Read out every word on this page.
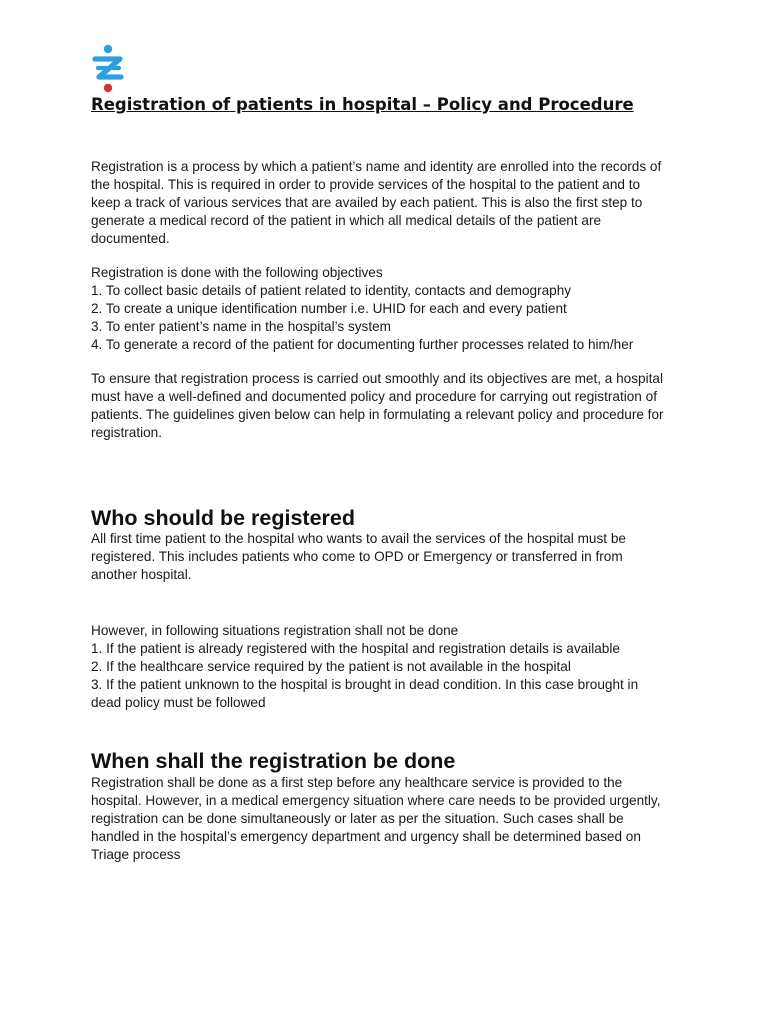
Registration of patients in hospital – Policy and Procedure

Registration is a process by which a patient’s name and identity are enrolled into the records of
the hospital. This is required in order to provide services of the hospital to the patient and to
keep a track of various services that are availed by each patient. This is also the first step to
generate a medical record of the patient in which all medical details of the patient are
documented.

Registration is done with the following objectives
1. To collect basic details of patient related to identity, contacts and demography
2. To create a unique identification number i.e. UHID for each and every patient
3. To enter patient’s name in the hospital’s system
4. To generate a record of the patient for documenting further processes related to him/her

To ensure that registration process is carried out smoothly and its objectives are met, a hospital
must have a well-defined and documented policy and procedure for carrying out registration of
patients. The guidelines given below can help in formulating a relevant policy and procedure for
registration.

Who should be registered

All first time patient to the hospital who wants to avail the services of the hospital must be
registered. This includes patients who come to OPD or Emergency or transferred in from
another hospital.

However, in following situations registration shall not be done
1. If the patient is already registered with the hospital and registration details is available
2. If the healthcare service required by the patient is not available in the hospital
3. If the patient unknown to the hospital is brought in dead condition. In this case brought in
dead policy must be followed

When shall the registration be done

Registration shall be done as a first step before any healthcare service is provided to the
hospital. However, in a medical emergency situation where care needs to be provided urgently,
registration can be done simultaneously or later as per the situation. Such cases shall be
handled in the hospital’s emergency department and urgency shall be determined based on
Triage process
